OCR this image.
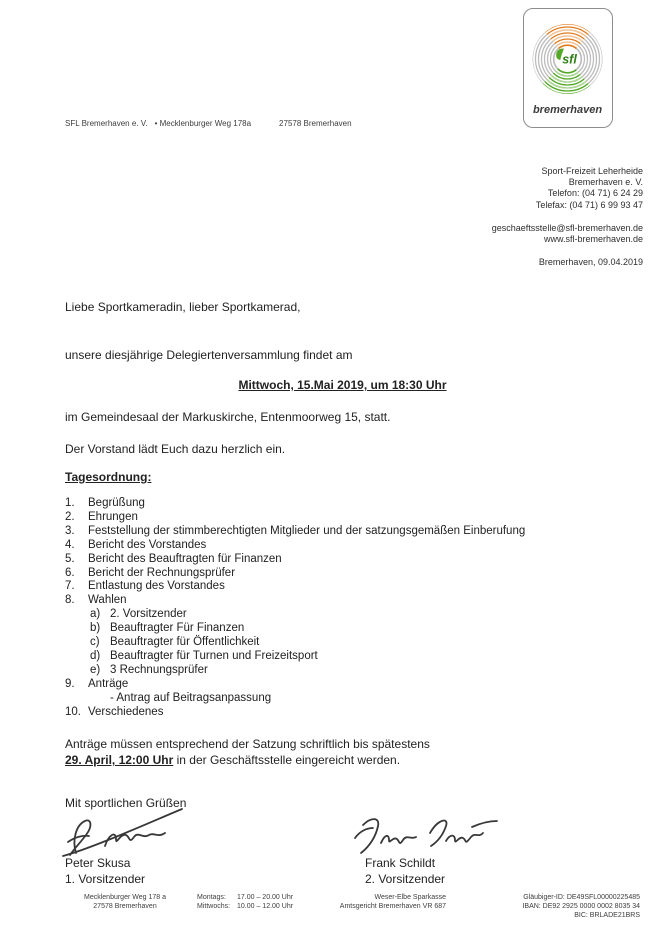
SFL Bremerhaven e. V. • Mecklenburger Weg 178a	27578 Bremerhaven
sfl
bremerhaven
Sport-Freizeit Leherheide
Bremerhaven e. V.
Telefon: (04 71) 6 24 29
Telefax: (04 71) 6 99 93 47
geschaeftsstelle@sfl-bremerhaven.de
www.sfl-bremerhaven.de
Bremerhaven, 09.04.2019
Liebe Sportkameradin, lieber Sportkamerad,
unsere diesjährige Delegiertenversammlung findet am
Mittwoch, 15.Mai 2019, um 18:30 Uhr
im Gemeindesaal der Markuskirche, Entenmoorweg 15, statt.
Der Vorstand lädt Euch dazu herzlich ein.
Tagesordnung:
1.	Begrüßung
2.	Ehrungen
3.	Feststellung der stimmberechtigten Mitglieder und der satzungsgemäßen Einberufung
4.	Bericht des Vorstandes
5.	Bericht des Beauftragten für Finanzen
6.	Bericht der Rechnungsprüfer
7.	Entlastung des Vorstandes
8.	Wahlen
a) 2. Vorsitzender
b) Beauftragter Für Finanzen
c) Beauftragter für Öffentlichkeit
d) Beauftragter für Turnen und Freizeitsport
e) 3 Rechnungsprüfer
9.	Anträge
- Antrag auf Beitragsanpassung
10. Verschiedenes
Anträge müssen entsprechend der Satzung schriftlich bis spätestens
29. April, 12:00 Uhr in der Geschäftsstelle eingereicht werden.
Mit sportlichen Grüßen
Peter Skusa
1. Vorsitzender
Frank Schildt
2. Vorsitzender
Mecklenburger Weg 178 a
27578 Bremerhaven
Montags: 17.00 – 20.00 Uhr
Mittwochs: 10.00 – 12.00 Uhr
Weser-Elbe Sparkasse
Amtsgericht Bremerhaven VR 687
Gläubiger-ID: DE49SFL00000225485
IBAN: DE92 2925 0000 0002 8035 34
BIC: BRLADE21BRS
